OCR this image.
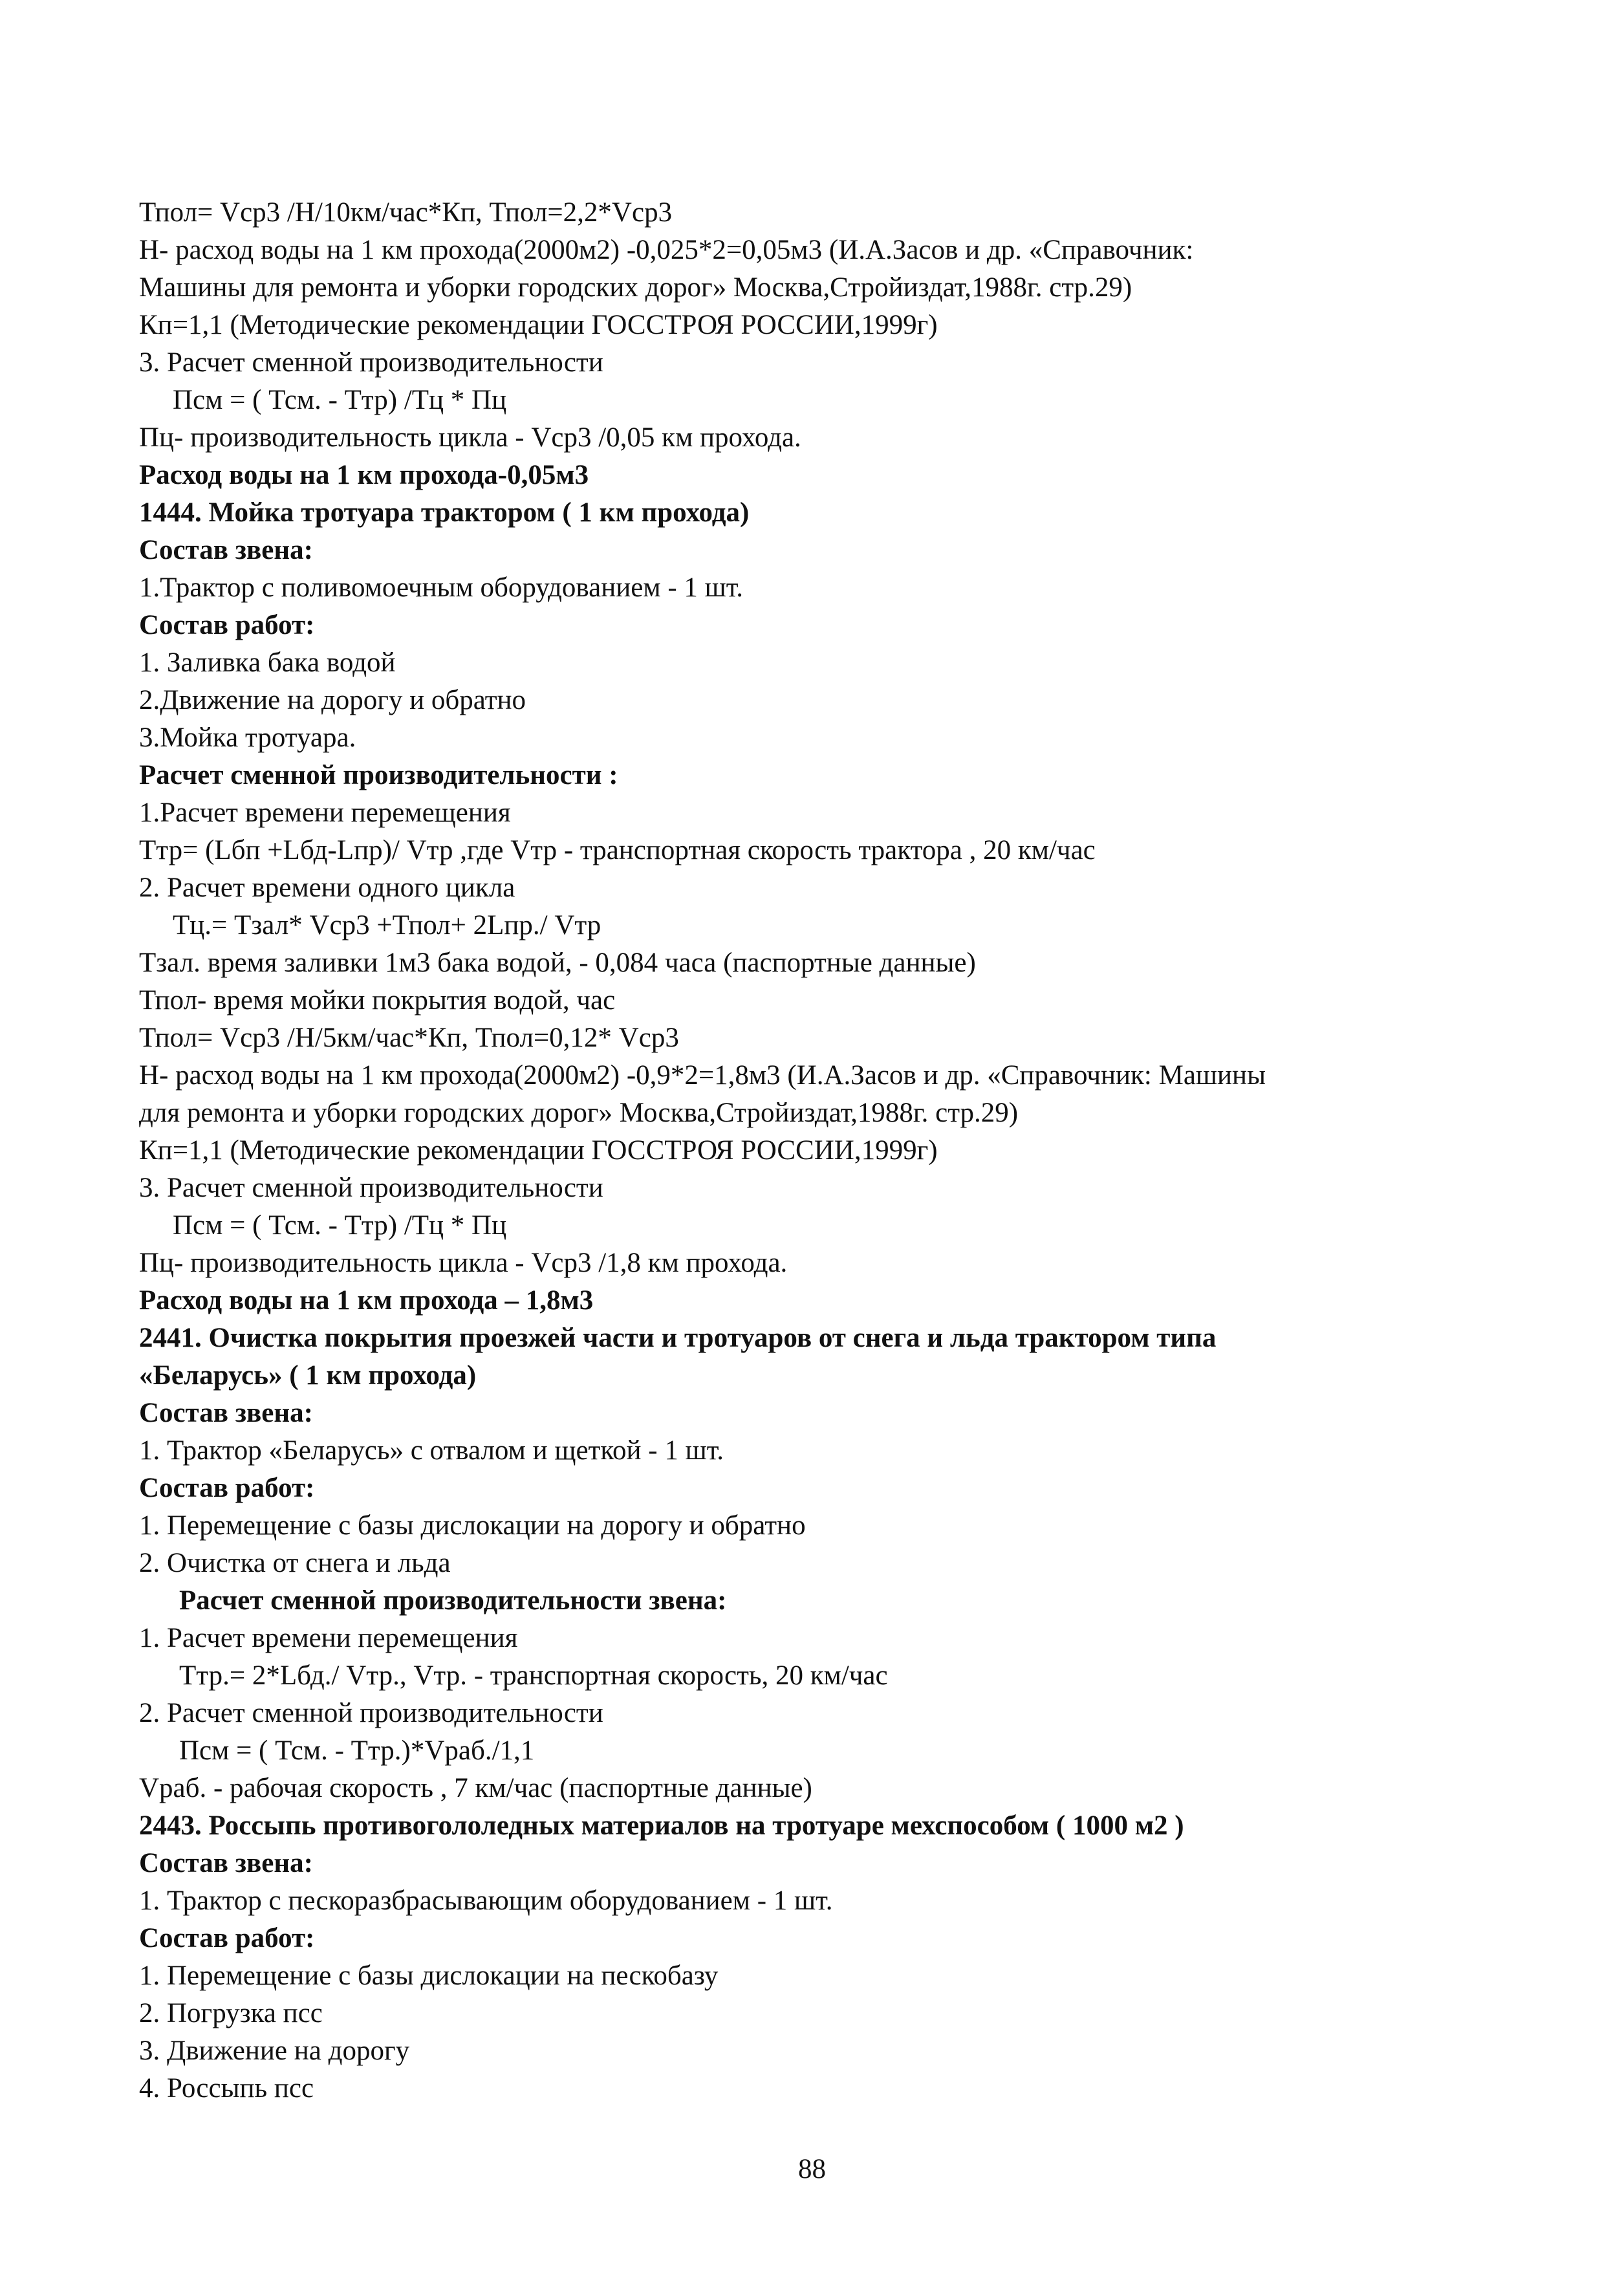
Тпол= Vср3 /Н/10км/час*Кп, Тпол=2,2*Vср3
Н- расход воды на 1 км прохода(2000м2) -0,025*2=0,05м3 (И.А.Засов и др. «Справочник:
Машины для ремонта и уборки городских дорог» Москва,Стройиздат,1988г. стр.29)
Кп=1,1 (Методические рекомендации ГОССТРОЯ РОССИИ,1999г)
3. Расчет сменной производительности
Псм = ( Тсм. - Ттр) /Тц * Пц
Пц- производительность цикла - Vср3 /0,05 км прохода.
Расход воды на 1 км прохода-0,05м3
1444. Мойка тротуара трактором ( 1 км прохода)
Состав звена:
1.Трактор с поливомоечным оборудованием - 1 шт.
Состав работ:
1. Заливка бака водой
2.Движение на дорогу и обратно
3.Мойка тротуара.
Расчет сменной производительности :
1.Расчет времени перемещения
Ттр= (Lбп +Lбд-Lпр)/ Vтр ,где Vтр - транспортная скорость трактора , 20 км/час
2. Расчет времени одного цикла
Тц.= Тзал* Vср3 +Тпол+ 2Lпр./ Vтр
Тзал. время заливки 1м3 бака водой, - 0,084 часа (паспортные данные)
Тпол- время мойки покрытия водой, час
Тпол= Vср3 /Н/5км/час*Кп, Тпол=0,12* Vср3
Н- расход воды на 1 км прохода(2000м2) -0,9*2=1,8м3 (И.А.Засов и др. «Справочник: Машины
для ремонта и уборки городских дорог» Москва,Стройиздат,1988г. стр.29)
Кп=1,1 (Методические рекомендации ГОССТРОЯ РОССИИ,1999г)
3. Расчет сменной производительности
Псм = ( Тсм. - Ттр) /Тц * Пц
Пц- производительность цикла - Vср3 /1,8 км прохода.
Расход воды на 1 км прохода – 1,8м3
2441. Очистка покрытия проезжей части и тротуаров от снега и льда трактором типа
«Беларусь» ( 1 км прохода)
Состав звена:
1. Трактор «Беларусь» с отвалом и щеткой - 1 шт.
Состав работ:
1. Перемещение с базы дислокации на дорогу и обратно
2. Очистка от снега и льда
Расчет сменной производительности звена:
1. Расчет времени перемещения
Ттр.= 2*Lбд./ Vтр., Vтр. - транспортная скорость, 20 км/час
2. Расчет сменной производительности
Псм = ( Тсм. - Ттр.)*Vраб./1,1
Vраб. - рабочая скорость , 7 км/час (паспортные данные)
2443. Россыпь противогололедных материалов на тротуаре мехспособом ( 1000 м2 )
Состав звена:
1. Трактор с пескоразбрасывающим оборудованием - 1 шт.
Состав работ:
1. Перемещение с базы дислокации на пескобазу
2. Погрузка пcc
3. Движение на дорогу
4. Россыпь пcc
88
